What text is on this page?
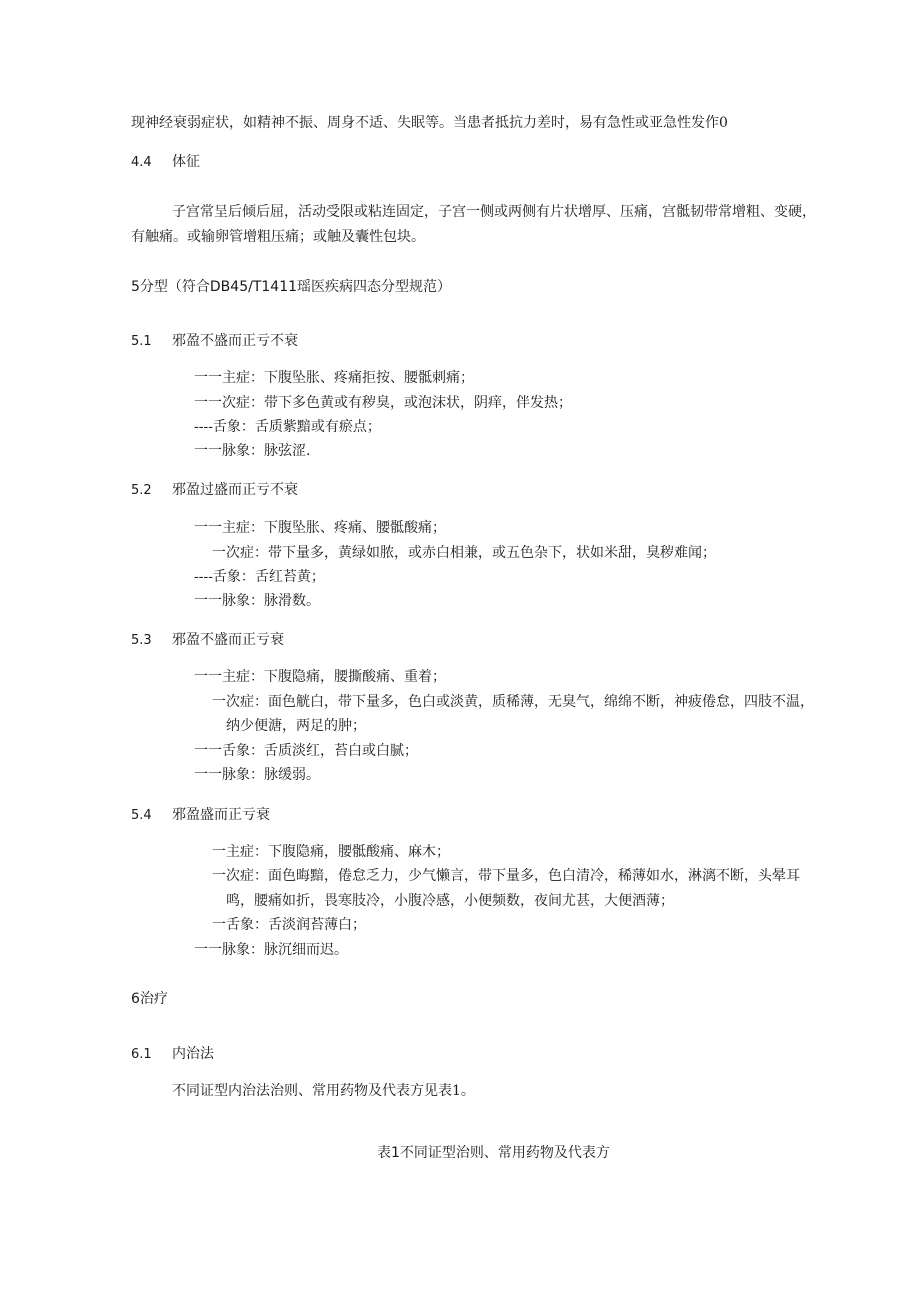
现神经衰弱症状，如精神不振、周身不适、失眠等。当患者抵抗力差时，易有急性或亚急性发作0
4.4 体征
子宫常呈后倾后屈，活动受限或粘连固定，子宫一侧或两侧有片状增厚、压痛，宫骶韧带常增粗、变硬，
有触痛。或输卵管增粗压痛；或触及囊性包块。
5分型（符合DB45/T1411瑶医疾病四态分型规范）
5.1 邪盈不盛而正亏不衰
一一主症：下腹坠胀、疼痛拒按、腰骶刺痛；
一一次症：带下多色黄或有秽臭，或泡沫状，阴痒，伴发热；
----舌象：舌质紫黯或有瘀点；
一一脉象：脉弦涩.
5.2 邪盈过盛而正亏不衰
一一主症：下腹坠胀、疼痛、腰骶酸痛；
一次症：带下量多，黄绿如脓，或赤白相兼，或五色杂下，状如米甜，臭秽难闻；
----舌象：舌红苔黄；
一一脉象：脉滑数。
5.3 邪盈不盛而正亏衰
一一主症：下腹隐痛，腰撕酸痛、重着；
一次症：面色觥白，带下量多，色白或淡黄，质稀薄，无臭气，绵绵不断，神疲倦怠，四肢不温，
纳少便溏，两足的肿；
一一舌象：舌质淡红，苔白或白腻；
一一脉象：脉缓弱。
5.4 邪盈盛而正亏衰
一主症：下腹隐痛，腰骶酸痛、麻木；
一次症：面色晦黯，倦怠乏力，少气懒言，带下量多，色白清冷，稀薄如水，淋漓不断，头晕耳
鸣，腰痛如折，畏寒肢冷，小腹冷感，小便频数，夜间尤甚，大便酒薄；
一舌象：舌淡润苔薄白；
一一脉象：脉沉细而迟。
6治疗
6.1 内治法
不同证型内治法治则、常用药物及代表方见表1。
表1不同证型治则、常用药物及代表方
